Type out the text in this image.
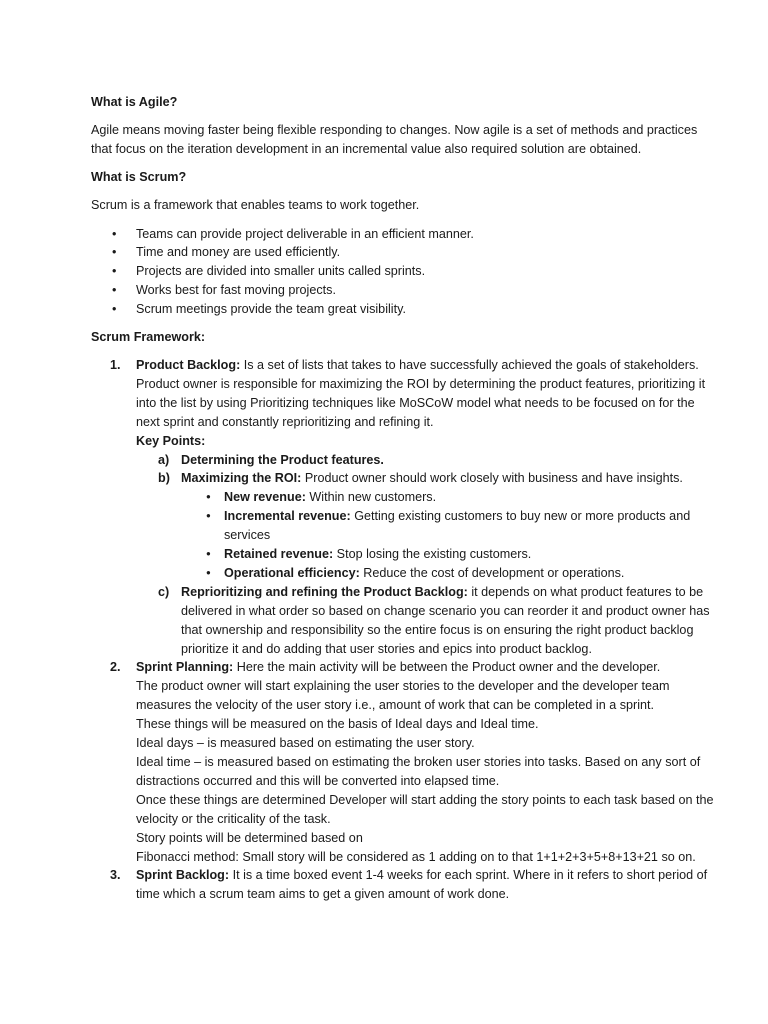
What is Agile?

Agile means moving faster being flexible responding to changes. Now agile is a set of methods and practices that focus on the iteration development in an incremental value also required solution are obtained.

What is Scrum?

Scrum is a framework that enables teams to work together.

• Teams can provide project deliverable in an efficient manner.
• Time and money are used efficiently.
• Projects are divided into smaller units called sprints.
• Works best for fast moving projects.
• Scrum meetings provide the team great visibility.

Scrum Framework:

1. Product Backlog: Is a set of lists that takes to have successfully achieved the goals of stakeholders. Product owner is responsible for maximizing the ROI by determining the product features, prioritizing it into the list by using Prioritizing techniques like MoSCoW model what needs to be focused on for the next sprint and constantly reprioritizing and refining it.

Key Points:

a) Determining the Product features.
b) Maximizing the ROI: Product owner should work closely with business and have insights.

● New revenue: Within new customers.
● Incremental revenue: Getting existing customers to buy new or more products and services
● Retained revenue: Stop losing the existing customers.
● Operational efficiency: Reduce the cost of development or operations.
c) Reprioritizing and refining the Product Backlog: it depends on what product features to be delivered in what order so based on change scenario you can reorder it and product owner has that ownership and responsibility so the entire focus is on ensuring the right product backlog prioritize it and do adding that user stories and epics into product backlog.

2. Sprint Planning: Here the main activity will be between the Product owner and the developer.

The product owner will start explaining the user stories to the developer and the developer team measures the velocity of the user story i.e., amount of work that can be completed in a sprint.

These things will be measured on the basis of Ideal days and Ideal time.

Ideal days – is measured based on estimating the user story.

Ideal time – is measured based on estimating the broken user stories into tasks. Based on any sort of distractions occurred and this will be converted into elapsed time.

Once these things are determined Developer will start adding the story points to each task based on the velocity or the criticality of the task.

Story points will be determined based on

Fibonacci method: Small story will be considered as 1 adding on to that 1+1+2+3+5+8+13+21 so on.

3. Sprint Backlog: It is a time boxed event 1-4 weeks for each sprint. Where in it refers to short period of time which a scrum team aims to get a given amount of work done.
